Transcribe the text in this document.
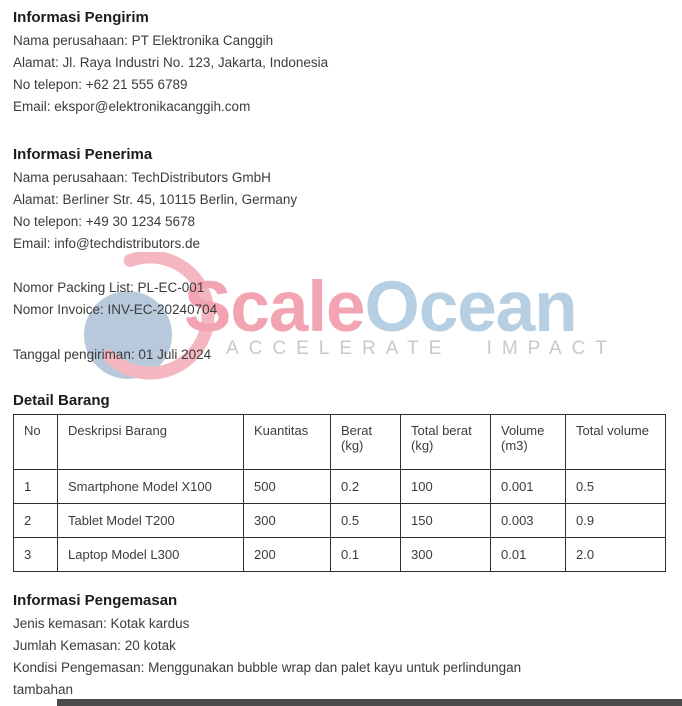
ScaleOcean
ACCELERATE IMPACT
Informasi Pengirim
Nama perusahaan: PT Elektronika Canggih
Alamat: Jl. Raya Industri No. 123, Jakarta, Indonesia
No telepon: +62 21 555 6789
Email: ekspor@elektronikacanggih.com
Informasi Penerima
Nama perusahaan: TechDistributors GmbH
Alamat: Berliner Str. 45, 10115 Berlin, Germany
No telepon: +49 30 1234 5678
Email: info@techdistributors.de
Nomor Packing List: PL-EC-001
Nomor Invoice: INV-EC-20240704
Tanggal pengiriman: 01 Juli 2024
Detail Barang
No	Deskripsi Barang	Kuantitas	Berat (kg)	Total berat (kg)	Volume (m3)	Total volume
1	Smartphone Model X100	500	0.2	100	0.001	0.5
2	Tablet Model T200	300	0.5	150	0.003	0.9
3	Laptop Model L300	200	0.1	300	0.01	2.0
Informasi Pengemasan
Jenis kemasan: Kotak kardus
Jumlah Kemasan: 20 kotak
Kondisi Pengemasan: Menggunakan bubble wrap dan palet kayu untuk perlindungan tambahan
